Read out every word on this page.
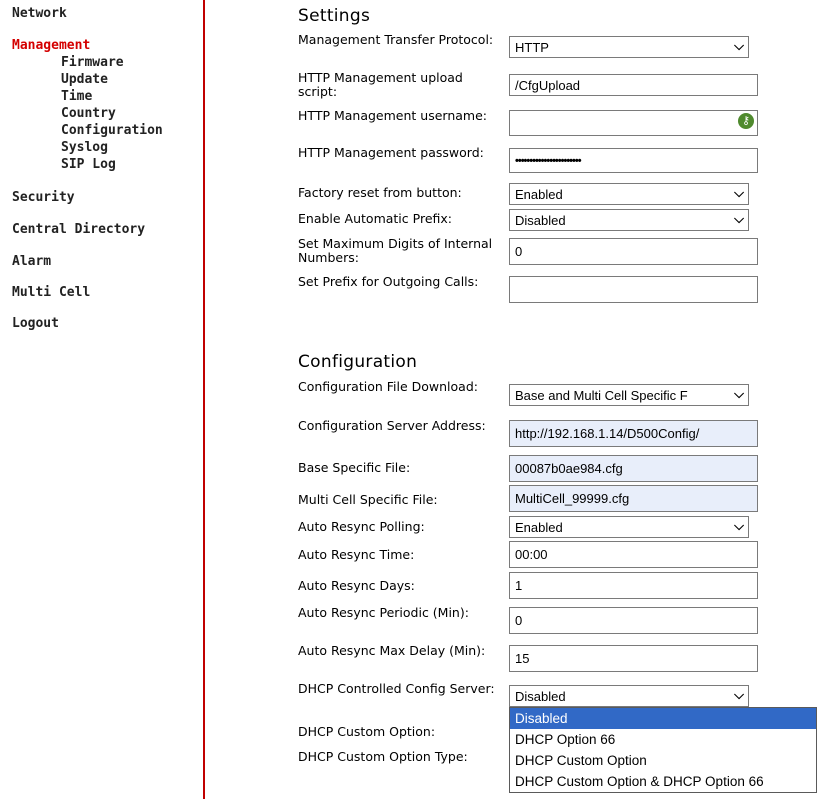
Network
Management
Firmware
Update
Time
Country
Configuration
Syslog
SIP Log
Security
Central Directory
Alarm
Multi Cell
Logout
Settings
Management Transfer Protocol:
HTTP	⌵
HTTP Management upload script:	/CfgUpload
HTTP Management username:	⚷
HTTP Management password:
•••••••••••••••••••••••
Factory reset from button:	Enabled	⌵
Enable Automatic Prefix:	Disabled	⌵
Set Maximum Digits of Internal Numbers:	0
Set Prefix for Outgoing Calls:
Configuration
Configuration File Download:
Base and Multi Cell Specific F	⌵
Configuration Server Address:
http://192.168.1.14/D500Config/
Base Specific File:	00087b0ae984.cfg
Multi Cell Specific File:	MultiCell_99999.cfg
Auto Resync Polling:	Enabled	⌵
Auto Resync Time:	00:00
Auto Resync Days:	1
Auto Resync Periodic (Min):
0
Auto Resync Max Delay (Min):
15
DHCP Controlled Config Server:
Disabled	⌵
DHCP Custom Option:
DHCP Custom Option Type:
Disabled
DHCP Option 66
DHCP Custom Option
DHCP Custom Option & DHCP Option 66
